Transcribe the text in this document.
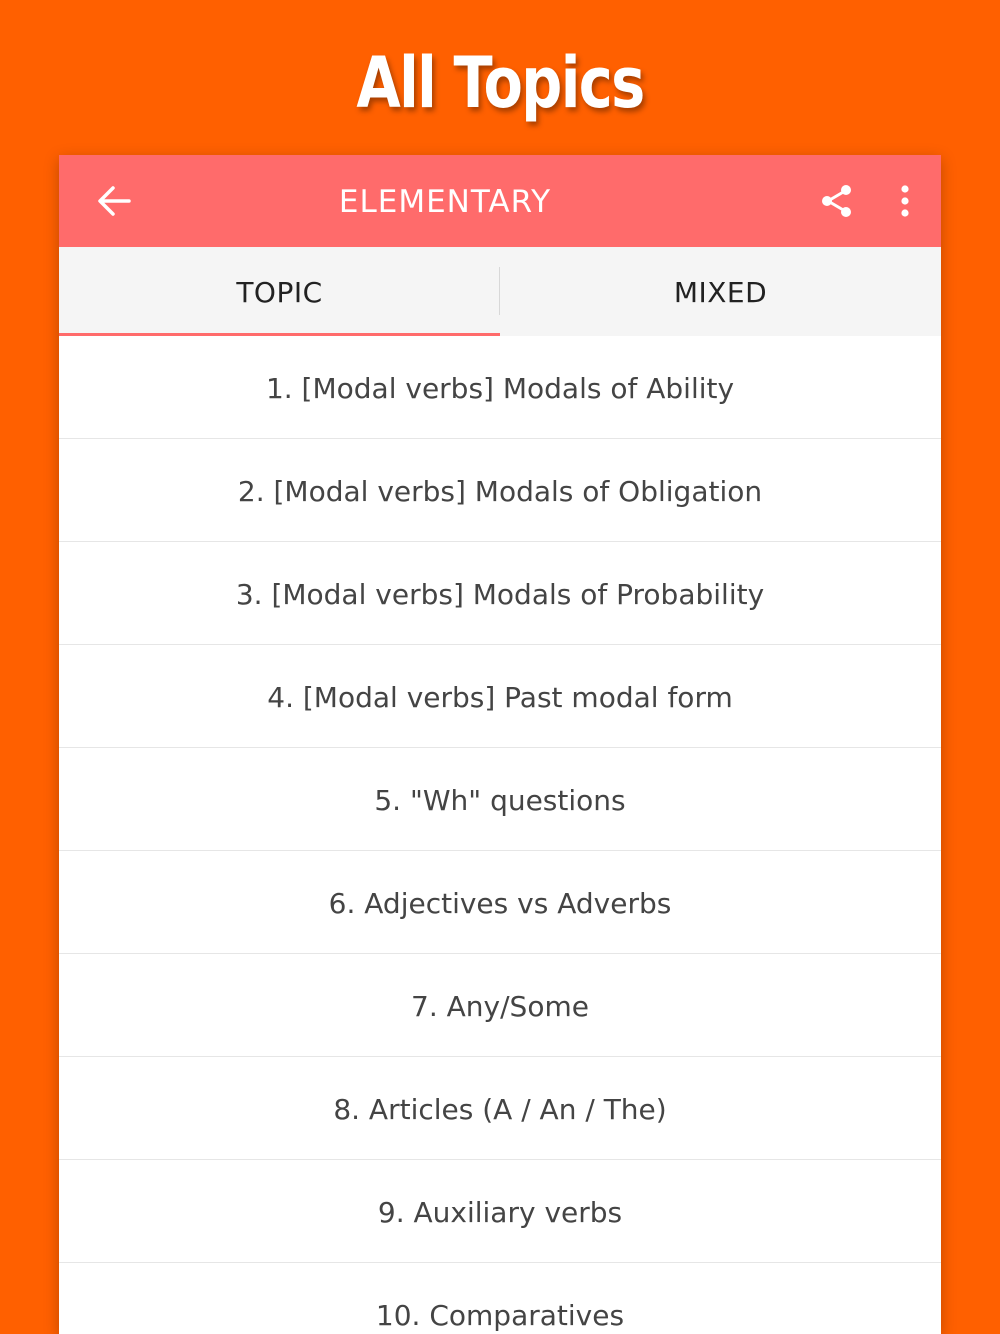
All Topics
ELEMENTARY
TOPIC	MIXED
1. [Modal verbs] Modals of Ability
2. [Modal verbs] Modals of Obligation
3. [Modal verbs] Modals of Probability
4. [Modal verbs] Past modal form
5. "Wh" questions
6. Adjectives vs Adverbs
7. Any/Some
8. Articles (A / An / The)
9. Auxiliary verbs
10. Comparatives
